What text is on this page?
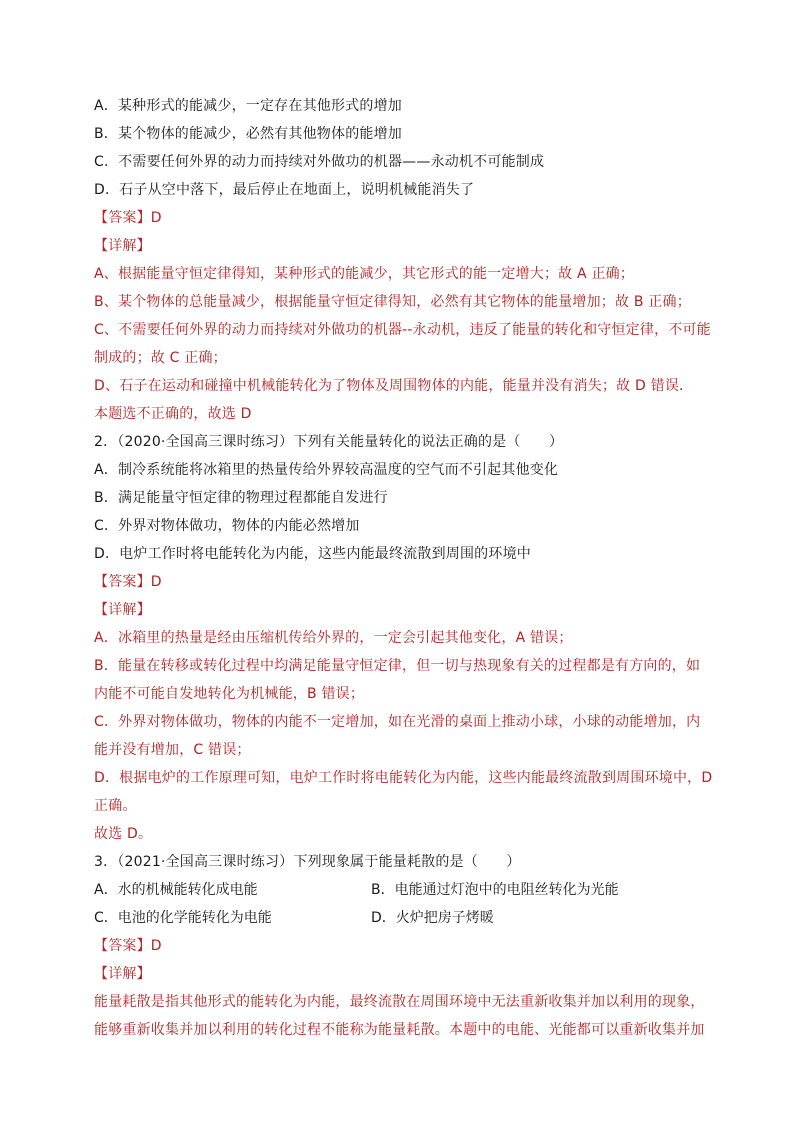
A．某种形式的能减少，一定存在其他形式的增加
B．某个物体的能减少，必然有其他物体的能增加
C．不需要任何外界的动力而持续对外做功的机器——永动机不可能制成
D．石子从空中落下，最后停止在地面上，说明机械能消失了
【答案】D
【详解】
A、根据能量守恒定律得知，某种形式的能减少，其它形式的能一定增大；故 A 正确；
B、某个物体的总能量减少，根据能量守恒定律得知，必然有其它物体的能量增加；故 B 正确；
C、不需要任何外界的动力而持续对外做功的机器--永动机，违反了能量的转化和守恒定律，不可能
制成的；故 C 正确；
D、石子在运动和碰撞中机械能转化为了物体及周围物体的内能，能量并没有消失；故 D 错误．
本题选不正确的，故选 D
2．（2020·全国高三课时练习）下列有关能量转化的说法正确的是（　　）
A．制冷系统能将冰箱里的热量传给外界较高温度的空气而不引起其他变化
B．满足能量守恒定律的物理过程都能自发进行
C．外界对物体做功，物体的内能必然增加
D．电炉工作时将电能转化为内能，这些内能最终流散到周围的环境中
【答案】D
【详解】
A．冰箱里的热量是经由压缩机传给外界的，一定会引起其他变化，A 错误；
B．能量在转移或转化过程中均满足能量守恒定律，但一切与热现象有关的过程都是有方向的，如
内能不可能自发地转化为机械能，B 错误；
C．外界对物体做功，物体的内能不一定增加，如在光滑的桌面上推动小球，小球的动能增加，内
能并没有增加，C 错误；
D．根据电炉的工作原理可知，电炉工作时将电能转化为内能，这些内能最终流散到周围环境中，D
正确。
故选 D。
3．（2021·全国高三课时练习）下列现象属于能量耗散的是（　　）
A．水的机械能转化成电能	B．电能通过灯泡中的电阻丝转化为光能
C．电池的化学能转化为电能	D．火炉把房子烤暖
【答案】D
【详解】
能量耗散是指其他形式的能转化为内能，最终流散在周围环境中无法重新收集并加以利用的现象，
能够重新收集并加以利用的转化过程不能称为能量耗散。本题中的电能、光能都可以重新收集并加
